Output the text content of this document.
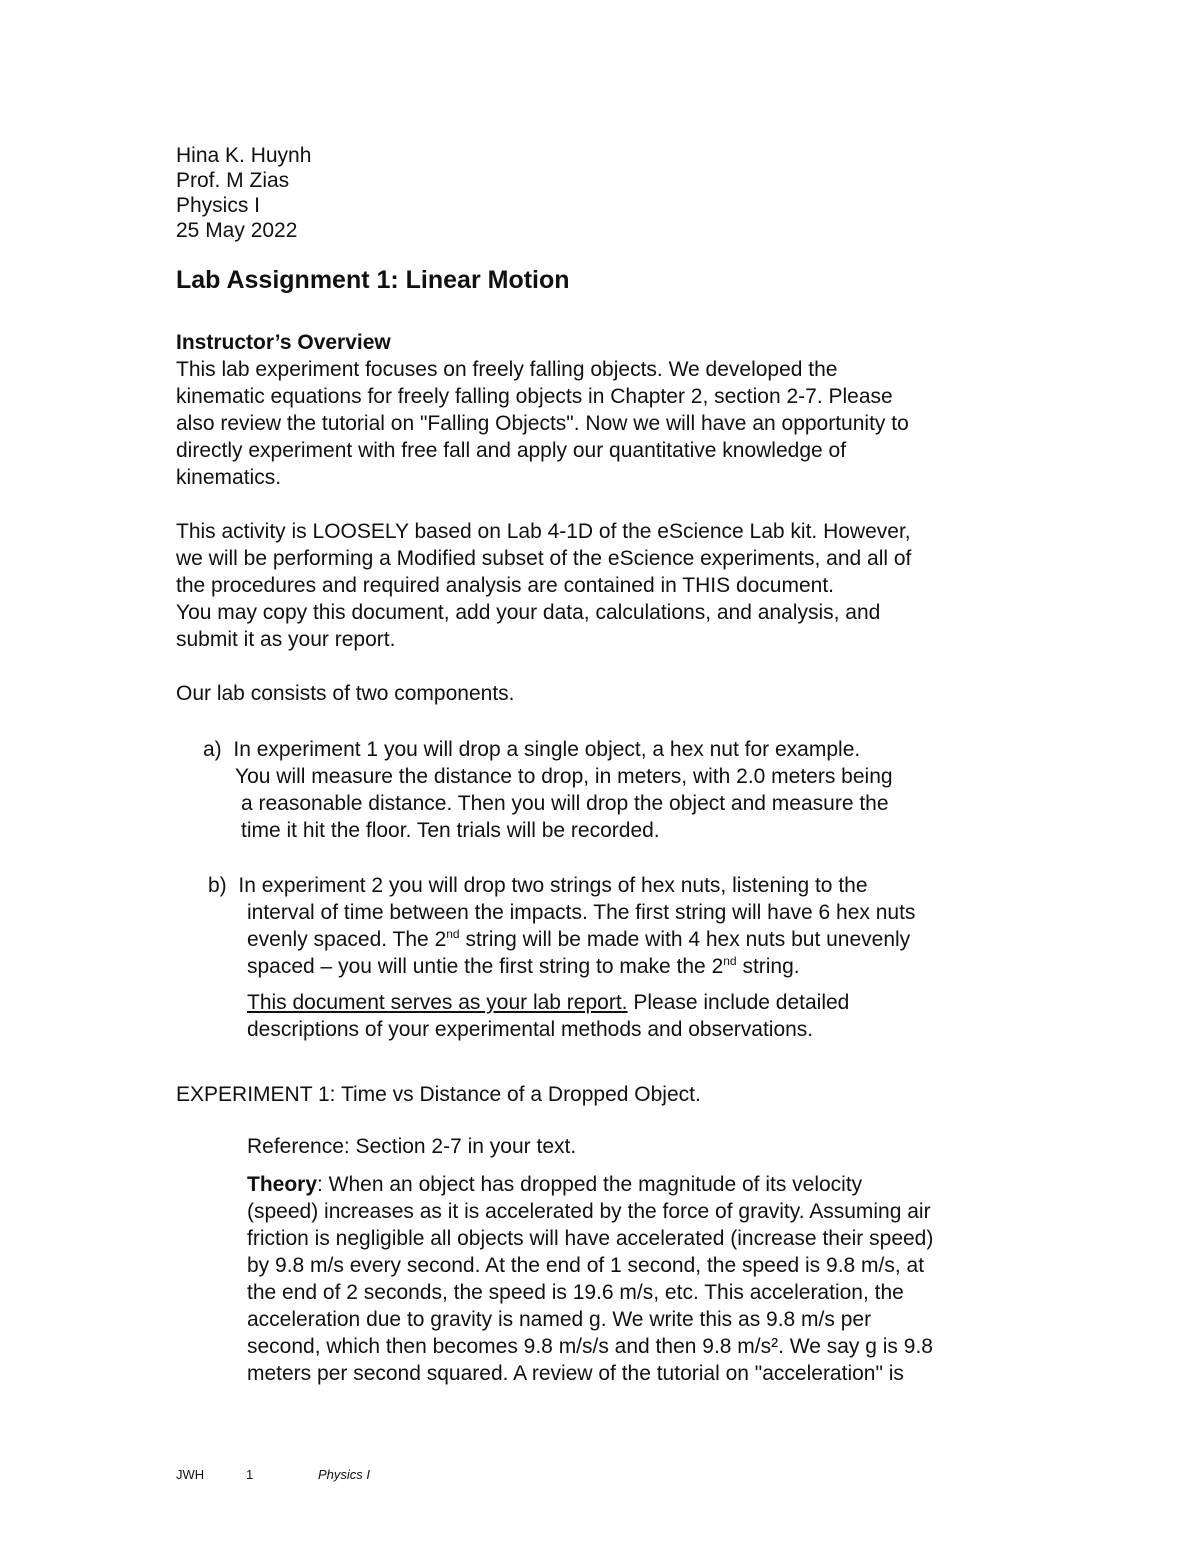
Hina K. Huynh
Prof. M Zias
Physics I
25 May 2022
Lab Assignment 1: Linear Motion
Instructor’s Overview
This lab experiment focuses on freely falling objects. We developed the
kinematic equations for freely falling objects in Chapter 2, section 2-7. Please
also review the tutorial on "Falling Objects". Now we will have an opportunity to
directly experiment with free fall and apply our quantitative knowledge of
kinematics.
This activity is LOOSELY based on Lab 4-1D of the eScience Lab kit. However,
we will be performing a Modified subset of the eScience experiments, and all of
the procedures and required analysis are contained in THIS document.
You may copy this document, add your data, calculations, and analysis, and
submit it as your report.
Our lab consists of two components.
a) In experiment 1 you will drop a single object, a hex nut for example.
You will measure the distance to drop, in meters, with 2.0 meters being
a reasonable distance. Then you will drop the object and measure the
time it hit the floor. Ten trials will be recorded.
b) In experiment 2 you will drop two strings of hex nuts, listening to the
interval of time between the impacts. The first string will have 6 hex nuts
evenly spaced. The 2nd string will be made with 4 hex nuts but unevenly
spaced – you will untie the first string to make the 2nd string.
This document serves as your lab report. Please include detailed
descriptions of your experimental methods and observations.
EXPERIMENT 1: Time vs Distance of a Dropped Object.
Reference: Section 2-7 in your text.
Theory: When an object has dropped the magnitude of its velocity
(speed) increases as it is accelerated by the force of gravity. Assuming air
friction is negligible all objects will have accelerated (increase their speed)
by 9.8 m/s every second. At the end of 1 second, the speed is 9.8 m/s, at
the end of 2 seconds, the speed is 19.6 m/s, etc. This acceleration, the
acceleration due to gravity is named g. We write this as 9.8 m/s per
second, which then becomes 9.8 m/s/s and then 9.8 m/s². We say g is 9.8
meters per second squared. A review of the tutorial on "acceleration" is
JWH	1	Physics I
